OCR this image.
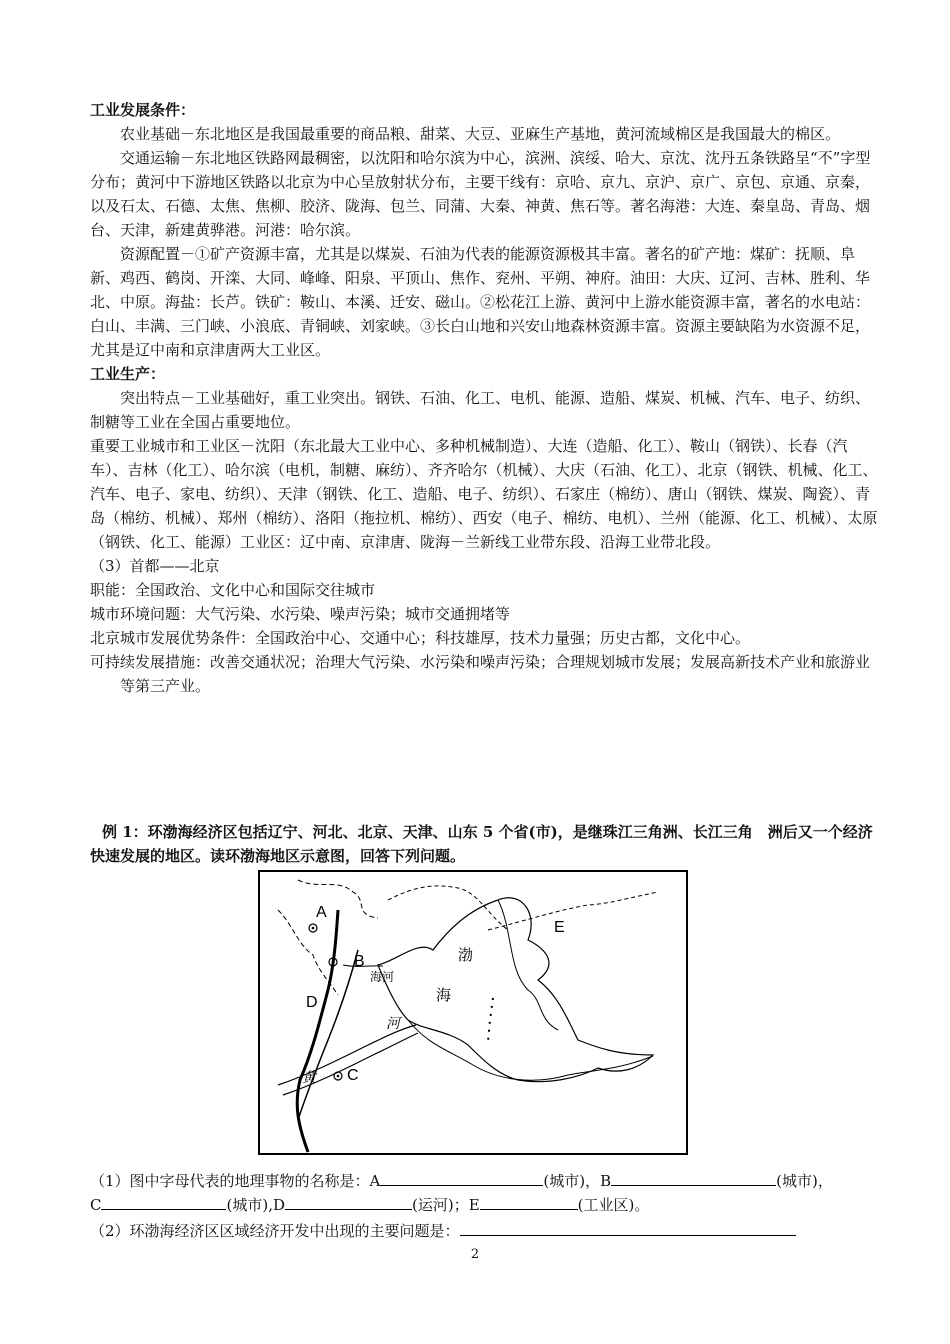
工业发展条件：

农业基础－东北地区是我国最重要的商品粮、甜菜、大豆、亚麻生产基地，黄河流域棉区是我国最大的棉区。

交通运输－东北地区铁路网最稠密，以沈阳和哈尔滨为中心，滨洲、滨绥、哈大、京沈、沈丹五条铁路呈“不”字型分布；黄河中下游地区铁路以北京为中心呈放射状分布，主要干线有：京哈、京九、京沪、京广、京包、京通、京秦，以及石太、石德、太焦、焦柳、胶济、陇海、包兰、同蒲、大秦、神黄、焦石等。著名海港：大连、秦皇岛、青岛、烟台、天津，新建黄骅港。河港：哈尔滨。

资源配置－①矿产资源丰富，尤其是以煤炭、石油为代表的能源资源极其丰富。著名的矿产地：煤矿：抚顺、阜新、鸡西、鹤岗、开滦、大同、峰峰、阳泉、平顶山、焦作、兖州、平朔、神府。油田：大庆、辽河、吉林、胜利、华北、中原。海盐：长芦。铁矿：鞍山、本溪、迁安、磁山。②松花江上游、黄河中上游水能资源丰富，著名的水电站：白山、丰满、三门峡、小浪底、青铜峡、刘家峡。③长白山地和兴安山地森林资源丰富。资源主要缺陷为水资源不足，尤其是辽中南和京津唐两大工业区。

工业生产：

突出特点－工业基础好，重工业突出。钢铁、石油、化工、电机、能源、造船、煤炭、机械、汽车、电子、纺织、制糖等工业在全国占重要地位。

重要工业城市和工业区－沈阳（东北最大工业中心、多种机械制造）、大连（造船、化工）、鞍山（钢铁）、长春（汽车）、吉林（化工）、哈尔滨（电机，制糖、麻纺）、齐齐哈尔（机械）、大庆（石油、化工）、北京（钢铁、机械、化工、汽车、电子、家电、纺织）、天津（钢铁、化工、造船、电子、纺织）、石家庄（棉纺）、唐山（钢铁、煤炭、陶瓷）、青岛（棉纺、机械）、郑州（棉纺）、洛阳（拖拉机、棉纺）、西安（电子、棉纺、电机）、兰州（能源、化工、机械）、太原（钢铁、化工、能源）工业区：辽中南、京津唐、陇海－兰新线工业带东段、沿海工业带北段。

（3）首都——北京

职能：全国政治、文化中心和国际交往城市

城市环境问题：大气污染、水污染、噪声污染；城市交通拥堵等

北京城市发展优势条件：全国政治中心、交通中心；科技雄厚，技术力量强；历史古都，文化中心。

可持续发展措施：改善交通状况；治理大气污染、水污染和噪声污染；合理规划城市发展；发展高新技术产业和旅游业等第三产业。

例 1：环渤海经济区包括辽宁、河北、北京、天津、山东 5 个省(市)，是继珠江三角洲、长江三角　洲后又一个经济快速发展的地区。读环渤海地区示意图，回答下列问题。
A
B
C
D
E
海河
渤
海
河
黄
（1）图中字母代表的地理事物的名称是：A	(城市)，B	(城市)，
C	(城市),D	(运河)；E	(工业区)。
（2）环渤海经济区区域经济开发中出现的主要问题是：
2
